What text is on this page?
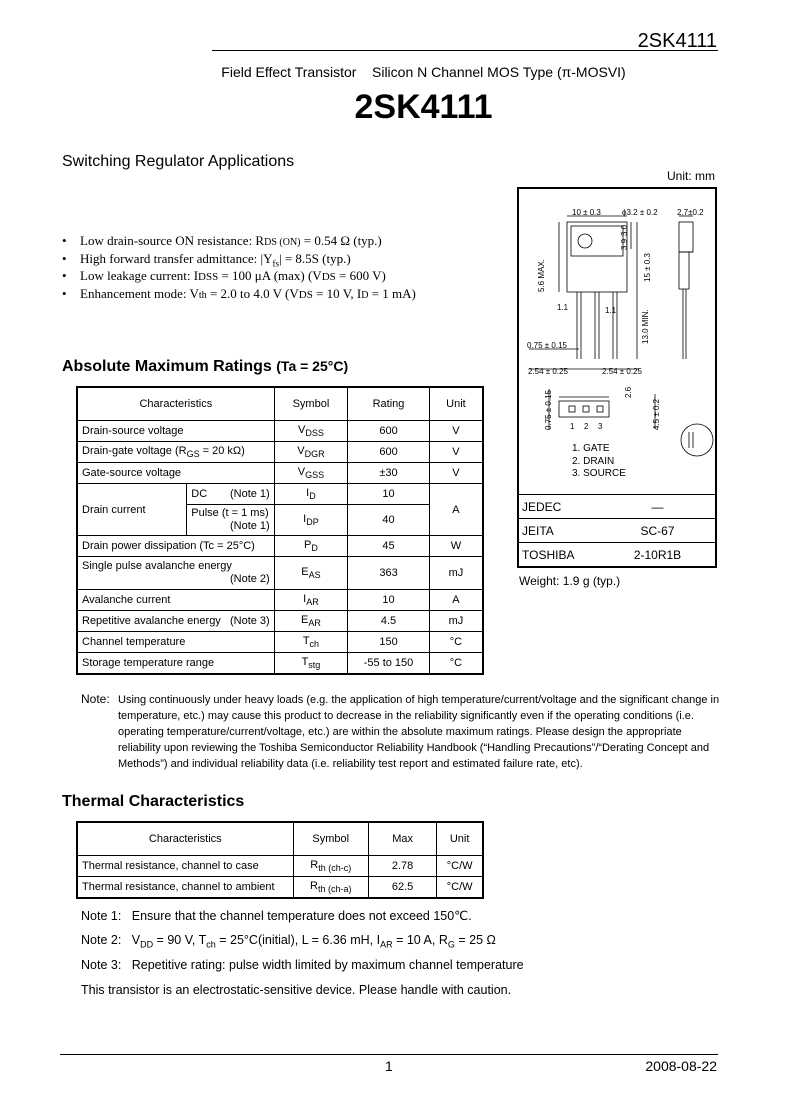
2SK4111
Field Effect Transistor Silicon N Channel MOS Type (π-MOSVI)
2SK4111
Switching Regulator Applications
Unit: mm
• Low drain-source ON resistance: RDS (ON) = 0.54 Ω (typ.)
• High forward transfer admittance: $|Y_{fs}| = 8.5S$ (typ.)
• Low leakage current: IDSS = 100 μA (max) (VDS = 600 V)
• Enhancement mode: Vth = 2.0 to 4.0 V (VDS = 10 V, ID = 1 mA)
Absolute Maximum Ratings (Ta = 25°C)
Characteristics		Symbol	Rating	Unit
Drain-source voltage		$V_{DSS}$	600	V
Drain-gate voltage ($R_{GS} = 20$ kΩ)		$V_{DGR}$	600	V
Gate-source voltage		$V_{GSS}$	±30	V
Drain current	DC (Note 1)	$I_D$	10	A
	Pulse (t = 1 ms)

(Note 1)	$I_{DP}$	40	
Drain power dissipation (Tc = 25°C)		$P_D$	45	W
Single pulse avalanche energy

(Note 2)		$E_{AS}$	363	mJ
Avalanche current		$I_{AR}$	10	A
Repetitive avalanche energy   (Note 3)		$E_{AR}$	4.5	mJ
Channel temperature		$T_{ch}$	150	°C
Storage temperature range		$T_{stg}$	-55 to 150	°C
Note: Using continuously under heavy loads (e.g. the application of high temperature/current/voltage and the significant change in
temperature, etc.) may cause this product to decrease in the reliability significantly even if the operating conditions (i.e.
operating temperature/current/voltage, etc.) are within the absolute maximum ratings. Please design the appropriate
reliability upon reviewing the Toshiba Semiconductor Reliability Handbook (“Handling Precautions”/“Derating Concept and
Methods”) and individual reliability data (i.e. reliability test report and estimated failure rate, etc).
Thermal Characteristics
Characteristics	Symbol	Max	Unit
Thermal resistance, channel to case	$R_{th (ch-c)}$	2.78	°C/W
Thermal resistance, channel to ambient	$R_{th (ch-a)}$	62.5	°C/W
Note 1: Ensure that the channel temperature does not exceed 150℃.
Note 2: $V_{DD} = 90$ V, $T_{ch}$ = 25°C(initial), L = 6.36 mH, $I_{AR} = 10$ A, $R_G = 25$ Ω
Note 3: Repetitive rating: pulse width limited by maximum channel temperature
This transistor is an electrostatic-sensitive device. Please handle with caution.
10 ± 0.3	ϕ3.2 ± 0.2 2.7±0.2
3.9
3.0
15 ± 0.3
5.6 MAX.
1.1	1.1
0.75 ± 0.15
13.0 MIN.
2.54 ± 0.25	2.54 ± 0.25
2.6
4.5 ± 0.2
0.75 ± 0.15 1 2 3
1. GATE
2. DRAIN
3. SOURCE
JEDEC	—
JEITA	SC-67
TOSHIBA	2-10R1B
Weight: 1.9 g (typ.)
1	2008-08-22
